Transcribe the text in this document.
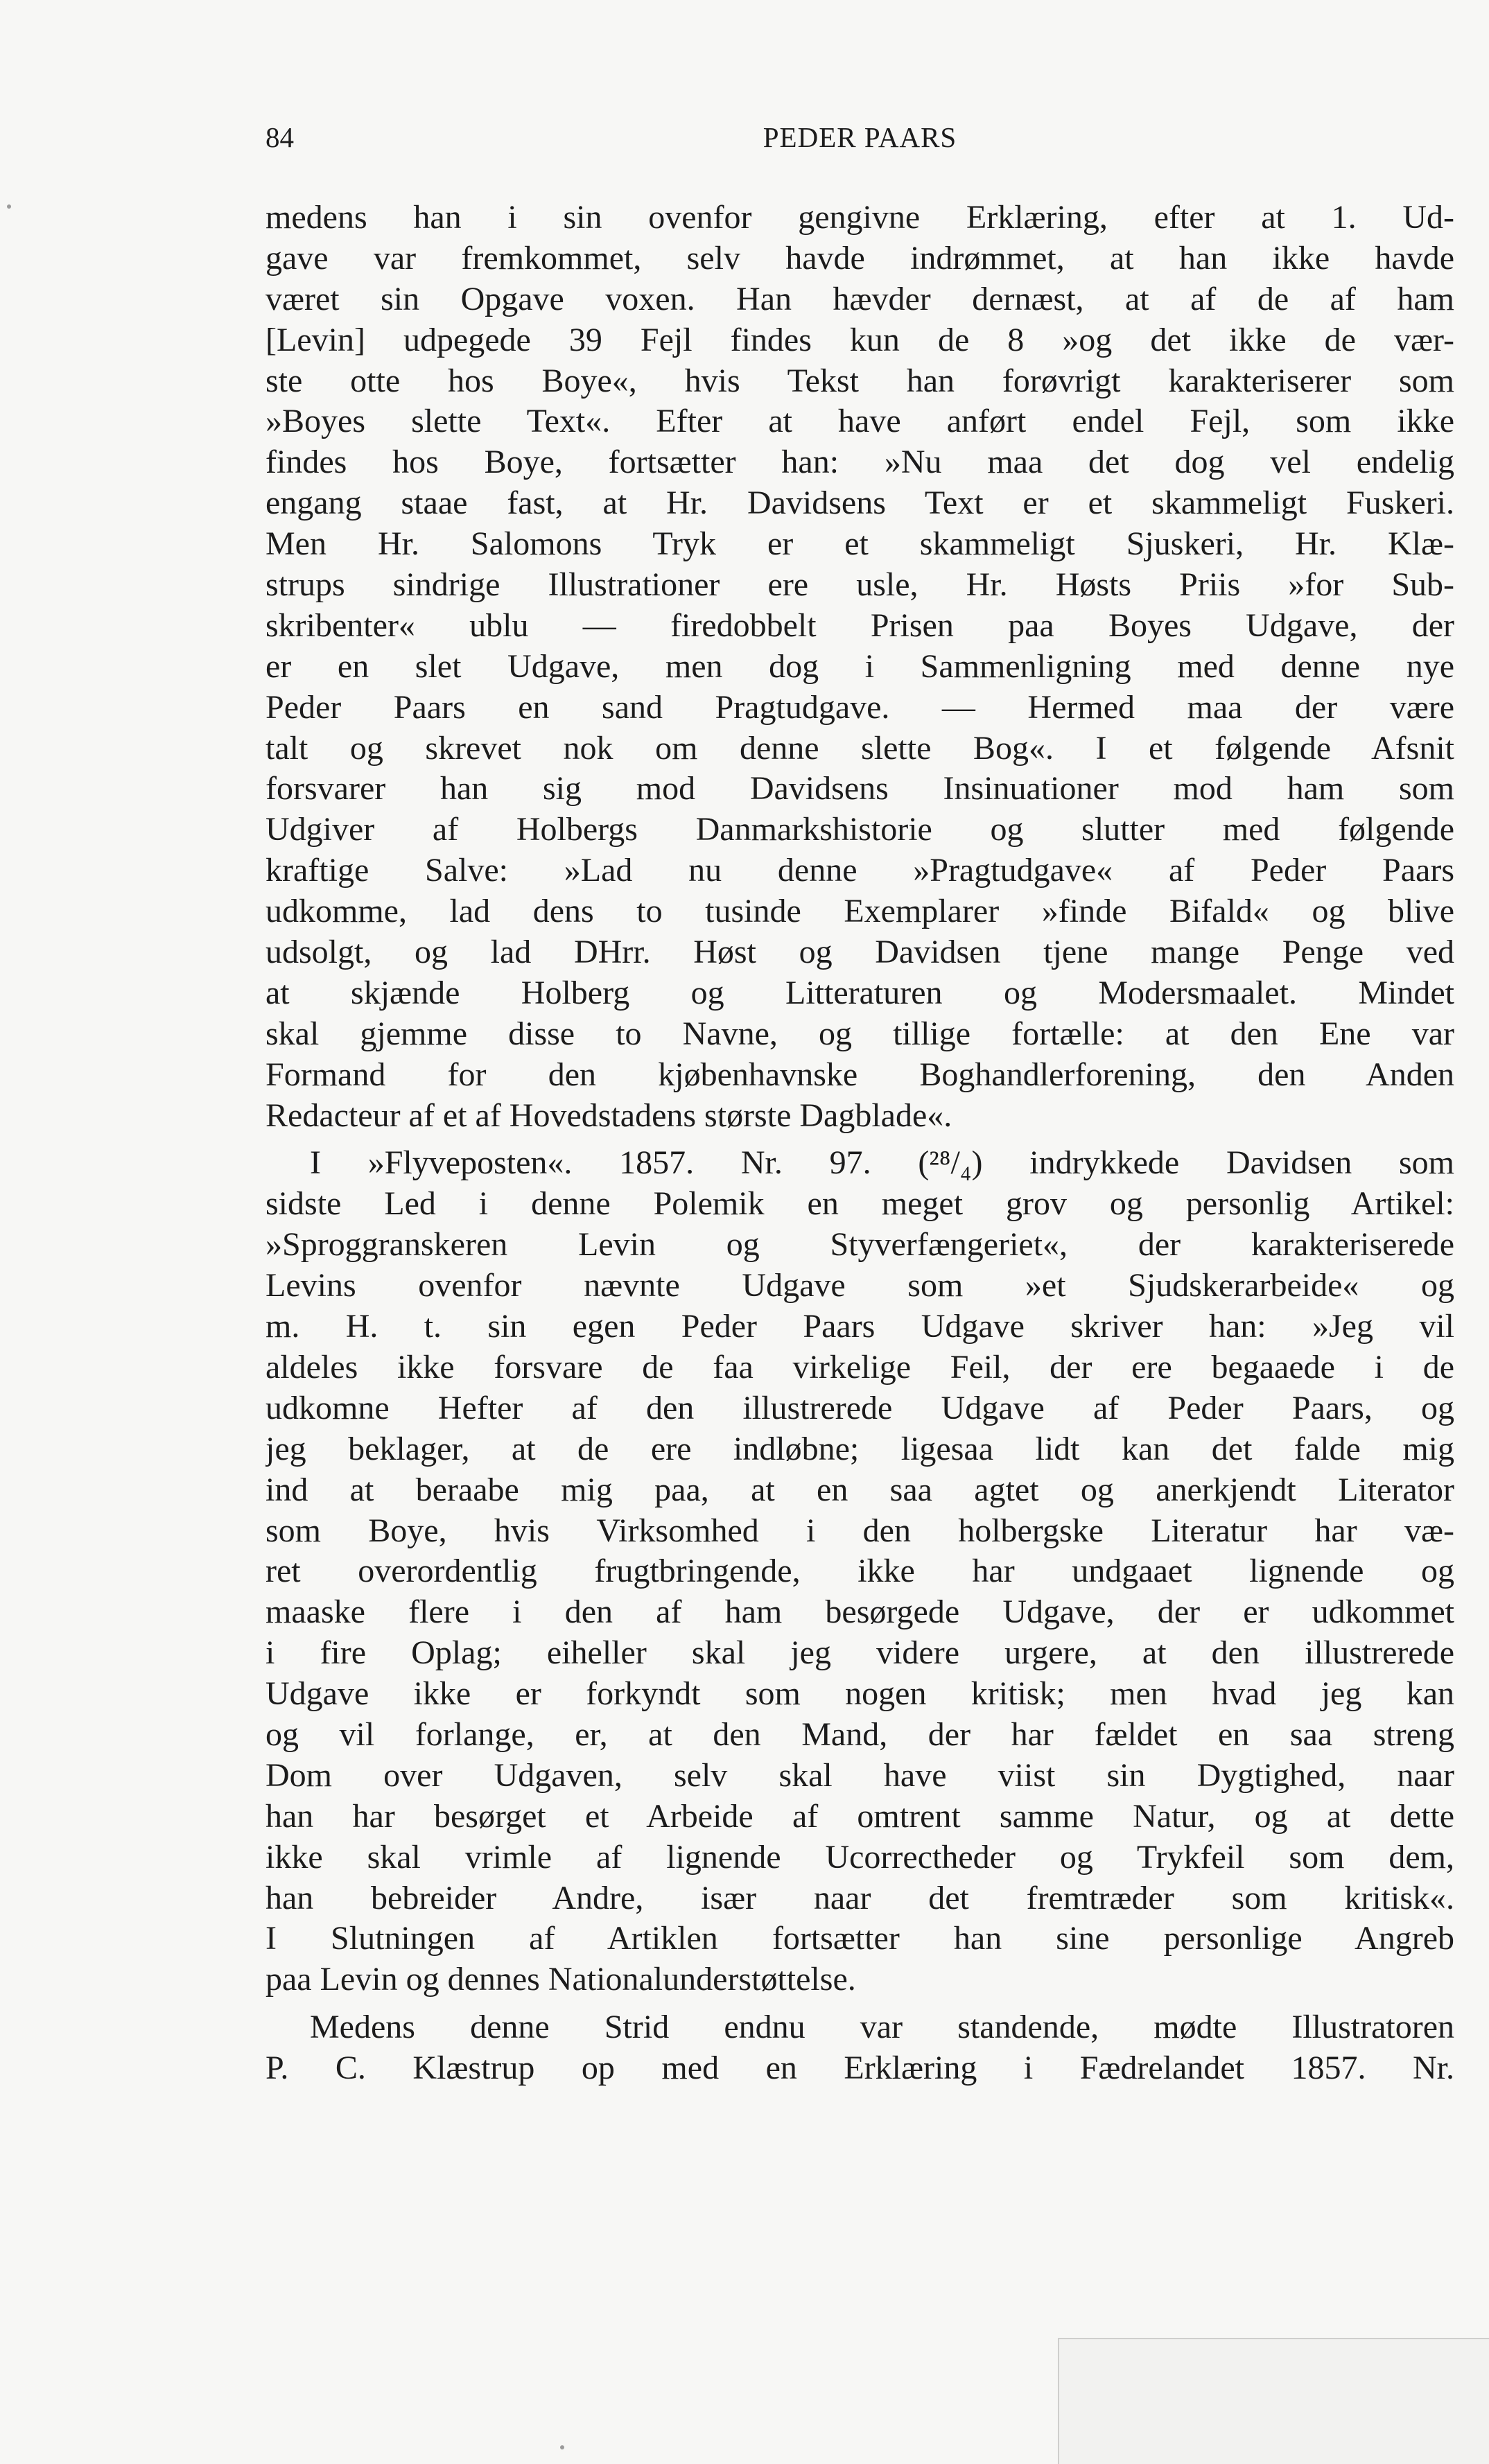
84	PEDER PAARS
medens han i sin ovenfor gengivne Erklæring, efter at 1. Ud-
gave var fremkommet, selv havde indrømmet, at han ikke havde
været sin Opgave voxen. Han hævder dernæst, at af de af ham
[Levin] udpegede 39 Fejl findes kun de 8 »og det ikke de vær-
ste otte hos Boye«, hvis Tekst han forøvrigt karakteriserer som
»Boyes slette Text«. Efter at have anført endel Fejl, som ikke
findes hos Boye, fortsætter han: »Nu maa det dog vel endelig
engang staae fast, at Hr. Davidsens Text er et skammeligt Fuskeri.
Men Hr. Salomons Tryk er et skammeligt Sjuskeri, Hr. Klæ-
strups sindrige Illustrationer ere usle, Hr. Høsts Priis »for Sub-
skribenter« ublu — firedobbelt Prisen paa Boyes Udgave, der
er en slet Udgave, men dog i Sammenligning med denne nye
Peder Paars en sand Pragtudgave. — Hermed maa der være
talt og skrevet nok om denne slette Bog«. I et følgende Afsnit
forsvarer han sig mod Davidsens Insinuationer mod ham som
Udgiver af Holbergs Danmarkshistorie og slutter med følgende
kraftige Salve: »Lad nu denne »Pragtudgave« af Peder Paars
udkomme, lad dens to tusinde Exemplarer »finde Bifald« og blive
udsolgt, og lad DHrr. Høst og Davidsen tjene mange Penge ved
at skjænde Holberg og Litteraturen og Modersmaalet. Mindet
skal gjemme disse to Navne, og tillige fortælle: at den Ene var
Formand for den kjøbenhavnske Boghandlerforening, den Anden
Redacteur af et af Hovedstadens største Dagblade«.
I »Flyveposten«. 1857. Nr. 97. (²⁸/₄) indrykkede Davidsen som
sidste Led i denne Polemik en meget grov og personlig Artikel:
»Sproggranskeren Levin og Styverfængeriet«, der karakteriserede
Levins ovenfor nævnte Udgave som »et Sjudskerarbeide« og
m. H. t. sin egen Peder Paars Udgave skriver han: »Jeg vil
aldeles ikke forsvare de faa virkelige Feil, der ere begaaede i de
udkomne Hefter af den illustrerede Udgave af Peder Paars, og
jeg beklager, at de ere indløbne; ligesaa lidt kan det falde mig
ind at beraabe mig paa, at en saa agtet og anerkjendt Literator
som Boye, hvis Virksomhed i den holbergske Literatur har væ-
ret overordentlig frugtbringende, ikke har undgaaet lignende og
maaske flere i den af ham besørgede Udgave, der er udkommet
i fire Oplag; eiheller skal jeg videre urgere, at den illustrerede
Udgave ikke er forkyndt som nogen kritisk; men hvad jeg kan
og vil forlange, er, at den Mand, der har fældet en saa streng
Dom over Udgaven, selv skal have viist sin Dygtighed, naar
han har besørget et Arbeide af omtrent samme Natur, og at dette
ikke skal vrimle af lignende Ucorrectheder og Trykfeil som dem,
han bebreider Andre, især naar det fremtræder som kritisk«.
I Slutningen af Artiklen fortsætter han sine personlige Angreb
paa Levin og dennes Nationalunderstøttelse.
Medens denne Strid endnu var standende, mødte Illustratoren
P. C. Klæstrup op med en Erklæring i Fædrelandet 1857. Nr.
